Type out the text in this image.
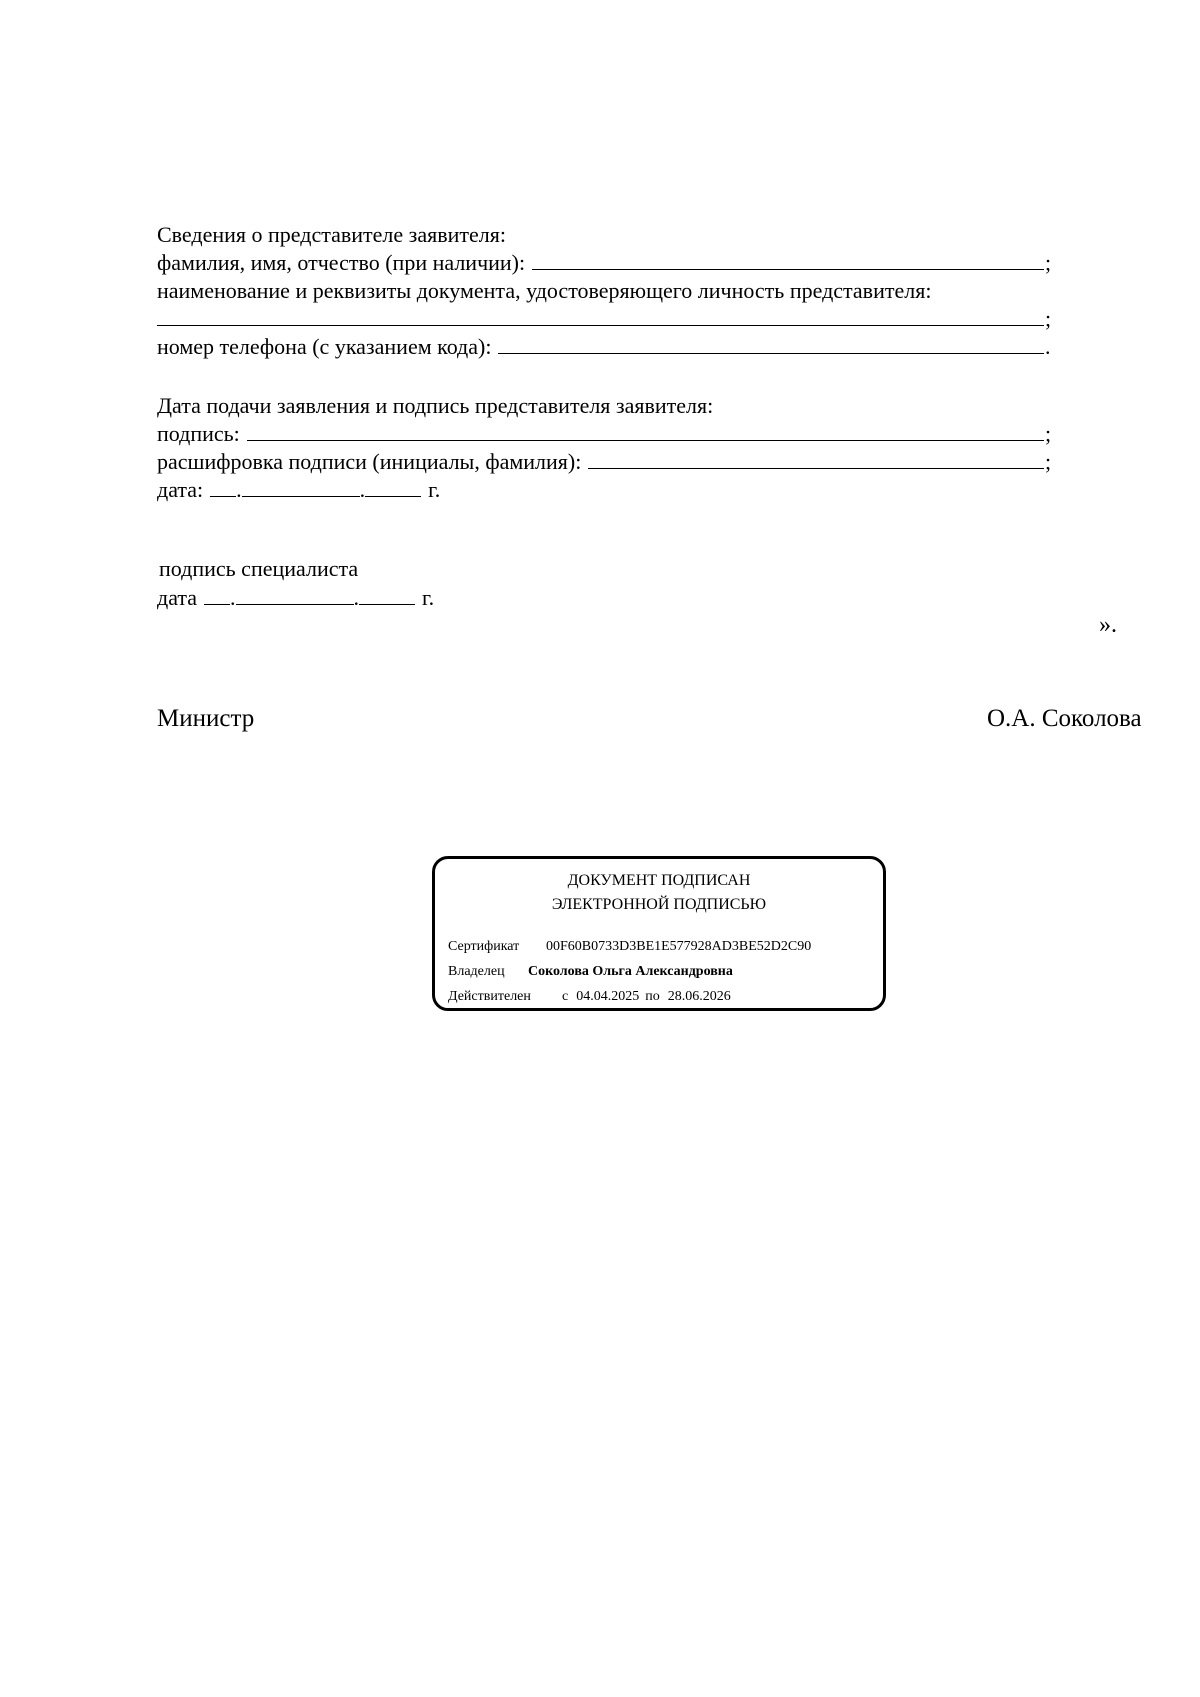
Сведения о представителе заявителя:
фамилия, имя, отчество (при наличии):	;
наименование и реквизиты документа, удостоверяющего личность представителя:
;
номер телефона (с указанием кода):	.
Дата подачи заявления и подпись представителя заявителя:
подпись:	;
расшифровка подписи (инициалы, фамилия):	;
дата: .	.	г.
подпись специалиста
дата .	.	г.
».
Министр	О.А. Соколова
ДОКУМЕНТ ПОДПИСАН
ЭЛЕКТРОННОЙ ПОДПИСЬЮ
Сертификат	00F60B0733D3BE1E577928AD3BE52D2C90
Владелец	Соколова Ольга Александровна
Действителен	с 04.04.2025 по 28.06.2026
